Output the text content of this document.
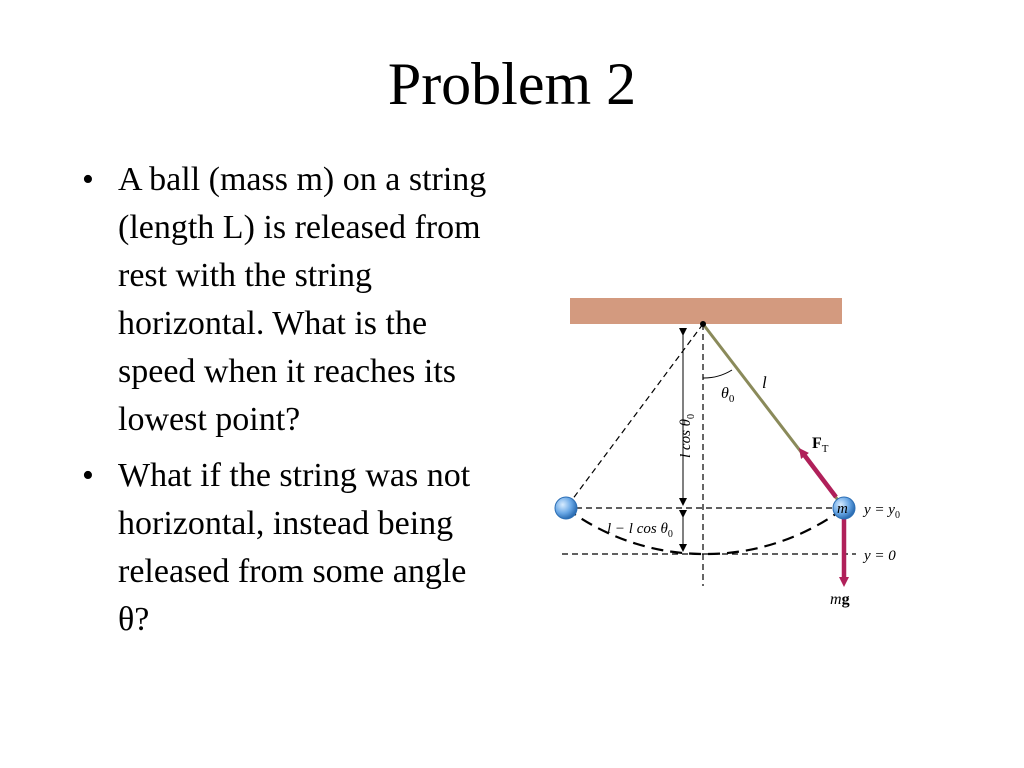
Problem 2
• A ball (mass m) on a string (length L) is released from rest with the string horizontal. What is the speed when it reaches its lowest point?
• What if the string was not horizontal, instead being released from some angle θ?
m
l
$\theta_0$
$F_T$
mg
$y = y_0$
y = 0
l $\cos \theta_0$
l − l $\cos \theta_0$
